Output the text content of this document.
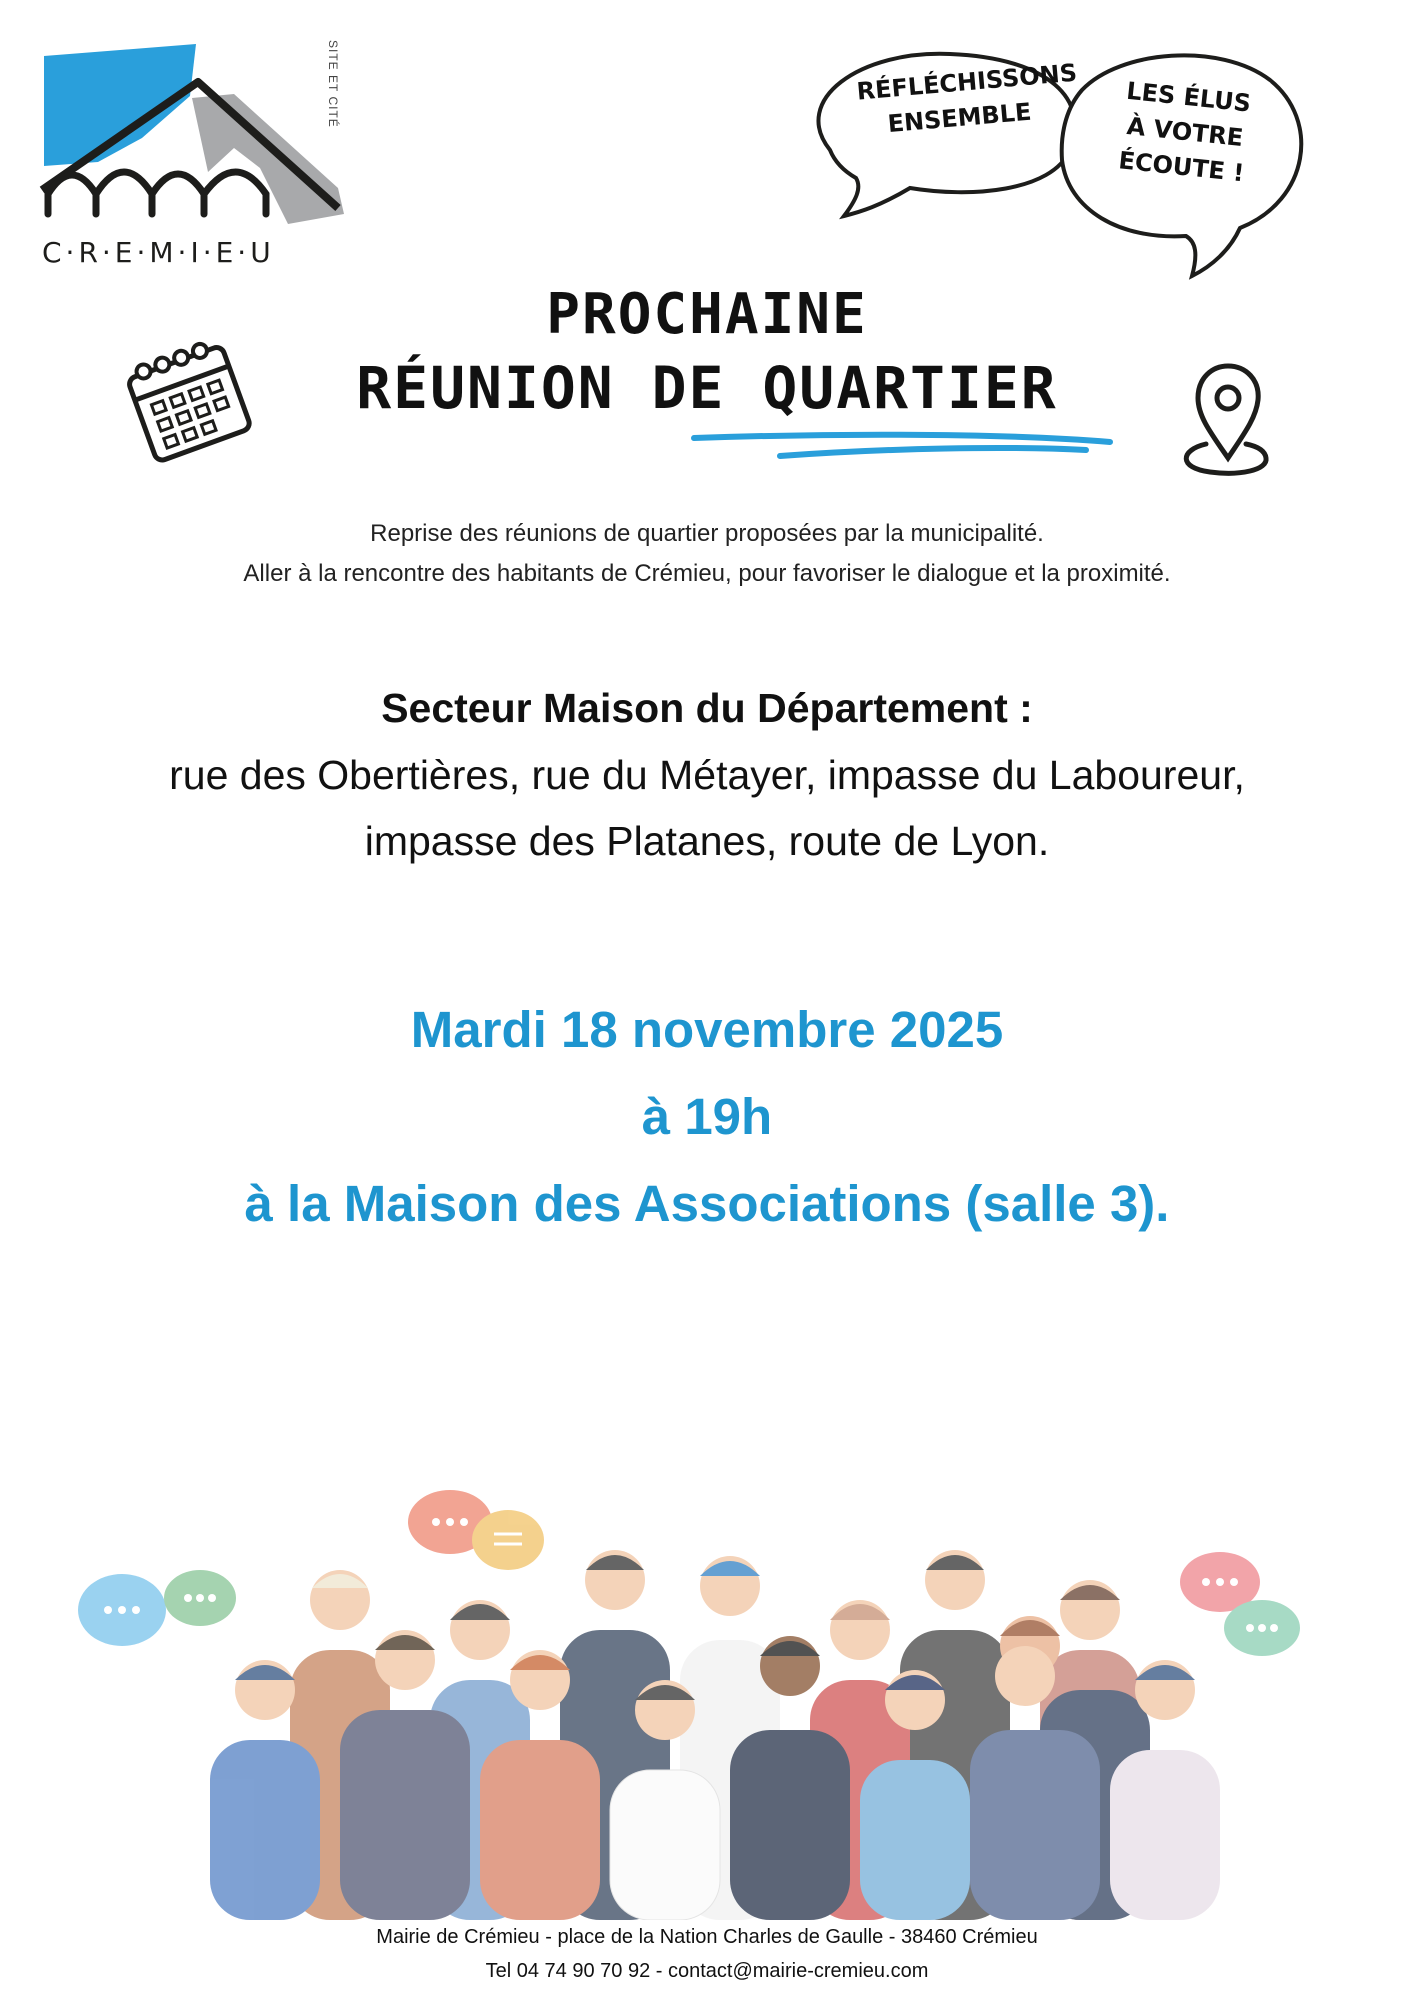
C·R·E·M·I·E·U
SITE ET CITÉ	RÉFLÉCHISSONS
ENSEMBLE
LES ÉLUS
À VOTRE
ÉCOUTE !
PROCHAINE
RÉUNION DE QUARTIER
Reprise des réunions de quartier proposées par la municipalité.
Aller à la rencontre des habitants de Crémieu, pour favoriser le dialogue et la proximité.
Secteur Maison du Département :
rue des Obertières, rue du Métayer, impasse du Laboureur,
impasse des Platanes, route de Lyon.
Mardi 18 novembre 2025
à 19h
à la Maison des Associations (salle 3).
Mairie de Crémieu - place de la Nation Charles de Gaulle - 38460 Crémieu
Tel 04 74 90 70 92 - contact@mairie-cremieu.com
